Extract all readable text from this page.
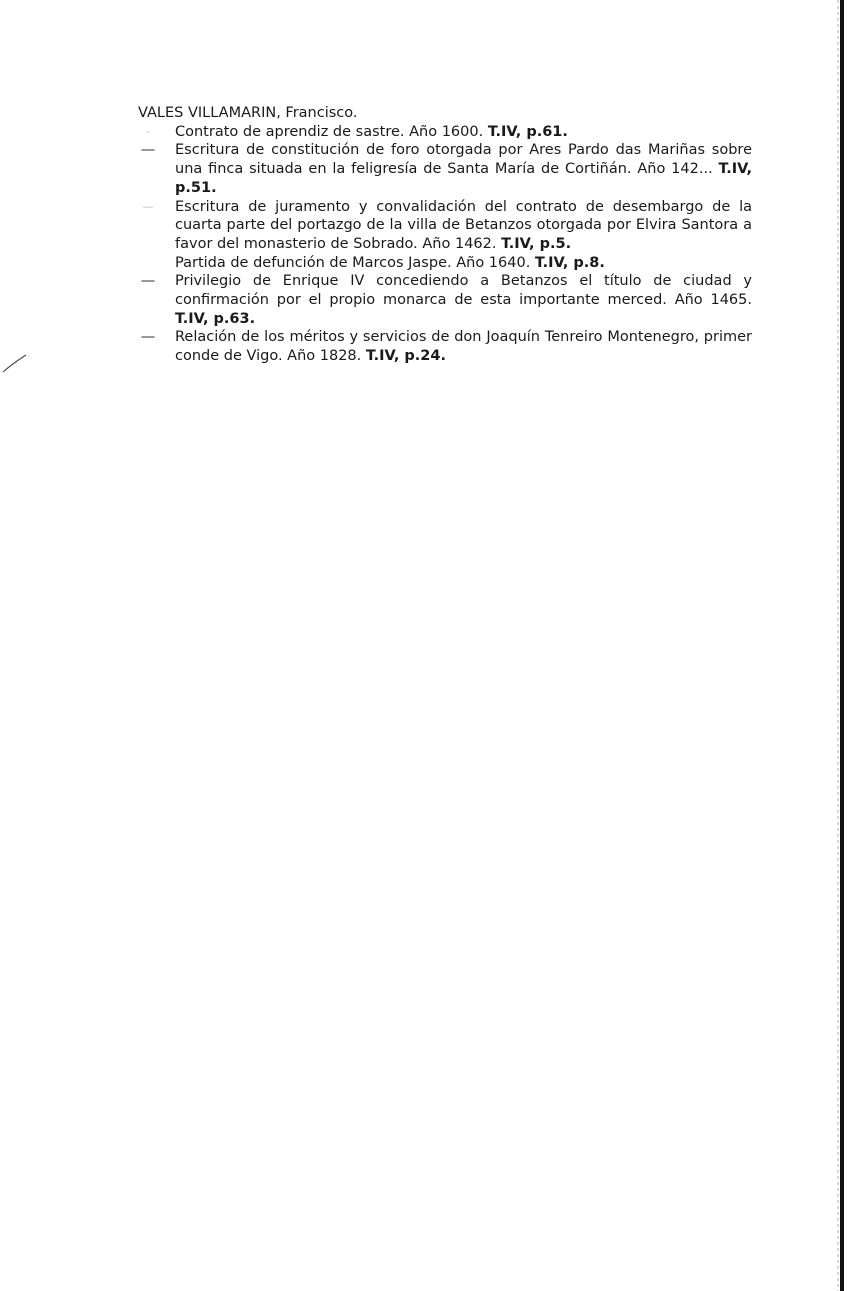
VALES VILLAMARIN, Francisco.

-	Contrato de aprendiz de sastre. Año 1600. T.IV, p.61.
— Escritura de constitución de foro otorgada por Ares Pardo das Mariñas sobre una finca situada en la feligresía de Santa María de Cortiñán. Año 142... T.IV, p.51.
—	Escritura de juramento y convalidación del contrato de desembargo de la cuarta parte del portazgo de la villa de Betanzos otorgada por Elvira Santora a favor del monasterio de Sobrado. Año 1462. T.IV, p.5.
Partida de defunción de Marcos Jaspe. Año 1640. T.IV, p.8.
— Privilegio de Enrique IV concediendo a Betanzos el título de ciudad y confirmación por el propio monarca de esta importante merced. Año 1465. T.IV, p.63.
— Relación de los méritos y servicios de don Joaquín Tenreiro Montenegro, primer conde de Vigo. Año 1828. T.IV, p.24.
